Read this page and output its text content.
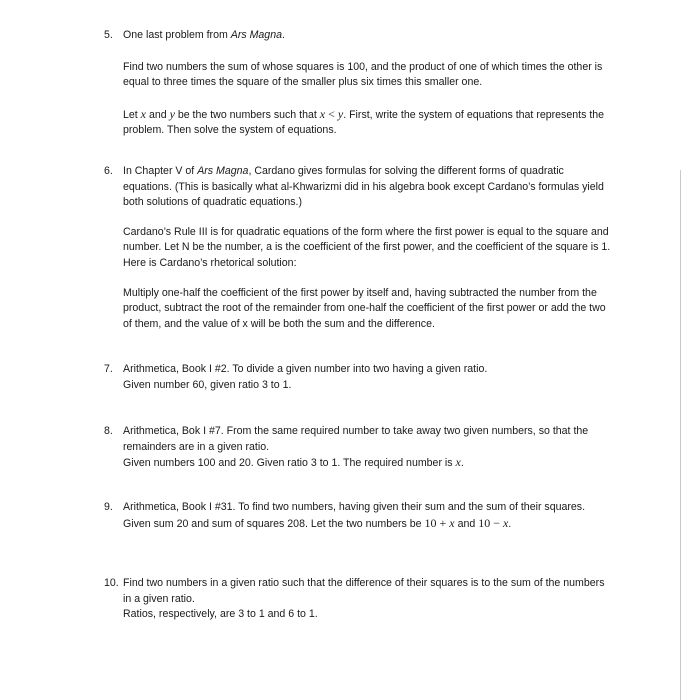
5. One last problem from Ars Magna.

Find two numbers the sum of whose squares is 100, and the product of one of which times the other is equal to three times the square of the smaller plus six times this smaller one.

Let x and y be the two numbers such that x < y. First, write the system of equations that represents the problem. Then solve the system of equations.

6. In Chapter V of Ars Magna, Cardano gives formulas for solving the different forms of quadratic equations. (This is basically what al-Khwarizmi did in his algebra book except Cardano’s formulas yield both solutions of quadratic equations.)

Cardano’s Rule III is for quadratic equations of the form where the first power is equal to the square and number. Let N be the number, a is the coefficient of the first power, and the coefficient of the square is 1. Here is Cardano’s rhetorical solution:

Multiply one-half the coefficient of the first power by itself and, having subtracted the number from the product, subtract the root of the remainder from one-half the coefficient of the first power or add the two of them, and the value of x will be both the sum and the difference.

7. Arithmetica, Book I #2. To divide a given number into two having a given ratio.

Given number 60, given ratio 3 to 1.

8. Arithmetica, Bok I #7. From the same required number to take away two given numbers, so that the remainders are in a given ratio.

Given numbers 100 and 20. Given ratio 3 to 1. The required number is x.

9. Arithmetica, Book I #31. To find two numbers, having given their sum and the sum of their squares.

Given sum 20 and sum of squares 208. Let the two numbers be 10 + x and 10 − x.

10. Find two numbers in a given ratio such that the difference of their squares is to the sum of the numbers in a given ratio.

Ratios, respectively, are 3 to 1 and 6 to 1.
